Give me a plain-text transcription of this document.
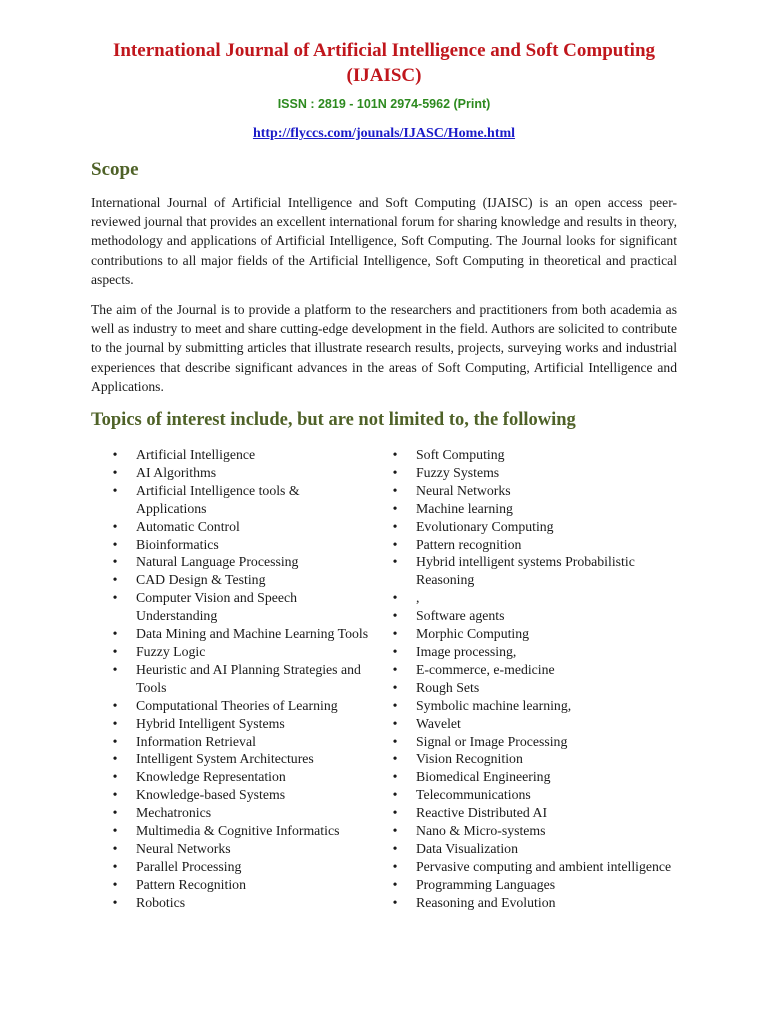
International Journal of Artificial Intelligence and Soft Computing
(IJAISC)
ISSN : 2819 - 101N 2974-5962 (Print)
http://flyccs.com/jounals/IJASC/Home.html
Scope

International Journal of Artificial Intelligence and Soft Computing (IJAISC) is an open access peer-reviewed journal that provides an excellent international forum for sharing knowledge and results in theory, methodology and applications of Artificial Intelligence, Soft Computing. The Journal looks for significant contributions to all major fields of the Artificial Intelligence, Soft Computing in theoretical and practical aspects.

The aim of the Journal is to provide a platform to the researchers and practitioners from both academia as well as industry to meet and share cutting-edge development in the field. Authors are solicited to contribute to the journal by submitting articles that illustrate research results, projects, surveying works and industrial experiences that describe significant advances in the areas of Soft Computing, Artificial Intelligence and Applications.

Topics of interest include, but are not limited to, the following
• Artificial Intelligence
• AI Algorithms
• Artificial Intelligence tools & Applications
• Automatic Control
• Bioinformatics
• Natural Language Processing
• CAD Design & Testing
• Computer Vision and Speech Understanding
• Data Mining and Machine Learning Tools
• Fuzzy Logic
• Heuristic and AI Planning Strategies and Tools
• Computational Theories of Learning
• Hybrid Intelligent Systems
• Information Retrieval
• Intelligent System Architectures
• Knowledge Representation
• Knowledge-based Systems
• Mechatronics
• Multimedia & Cognitive Informatics
• Neural Networks
• Parallel Processing
• Pattern Recognition
• Robotics
• Soft Computing
• Fuzzy Systems
• Neural Networks
• Machine learning
• Evolutionary Computing
• Pattern recognition
• Hybrid intelligent systems Probabilistic Reasoning
• ,
• Software agents
• Morphic Computing
• Image processing,
• E-commerce, e-medicine
• Rough Sets
• Symbolic machine learning,
• Wavelet
• Signal or Image Processing
• Vision Recognition
• Biomedical Engineering
• Telecommunications
• Reactive Distributed AI
• Nano & Micro-systems
• Data Visualization
• Pervasive computing and ambient intelligence
• Programming Languages
• Reasoning and Evolution
